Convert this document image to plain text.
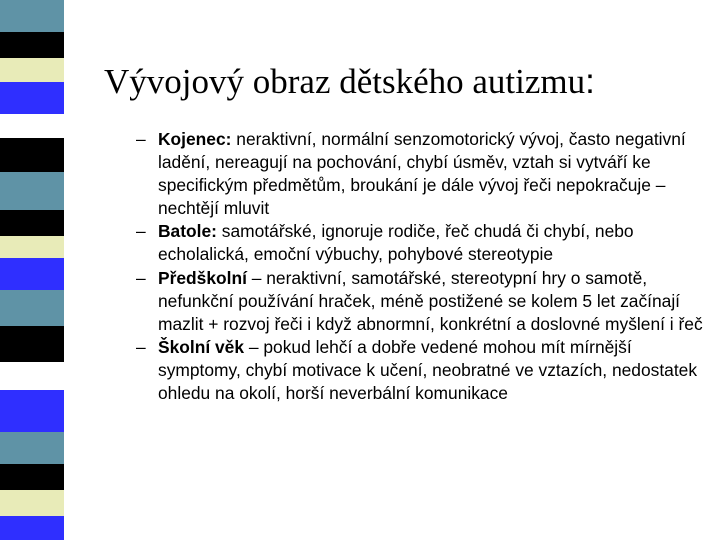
Vývojový obraz dětského autizmu:
– Kojenec: neraktivní, normální senzomotorický vývoj, často negativní ladění, nereagují na pochování, chybí úsměv, vztah si vytváří ke specifickým předmětům, broukání je dále vývoj řeči nepokračuje – nechtějí mluvit
– Batole: samotářské, ignoruje rodiče, řeč chudá či chybí, nebo echolalická, emoční výbuchy, pohybové stereotypie
– Předškolní – neraktivní, samotářské, stereotypní hry o samotě, nefunkční používání hraček, méně postižené se kolem 5 let začínají mazlit + rozvoj řeči i když abnormní, konkrétní a doslovné myšlení i řeč
– Školní věk – pokud lehčí a dobře vedené mohou mít mírnější symptomy, chybí motivace k učení, neobratné ve vztazích, nedostatek ohledu na okolí, horší neverbální komunikace
